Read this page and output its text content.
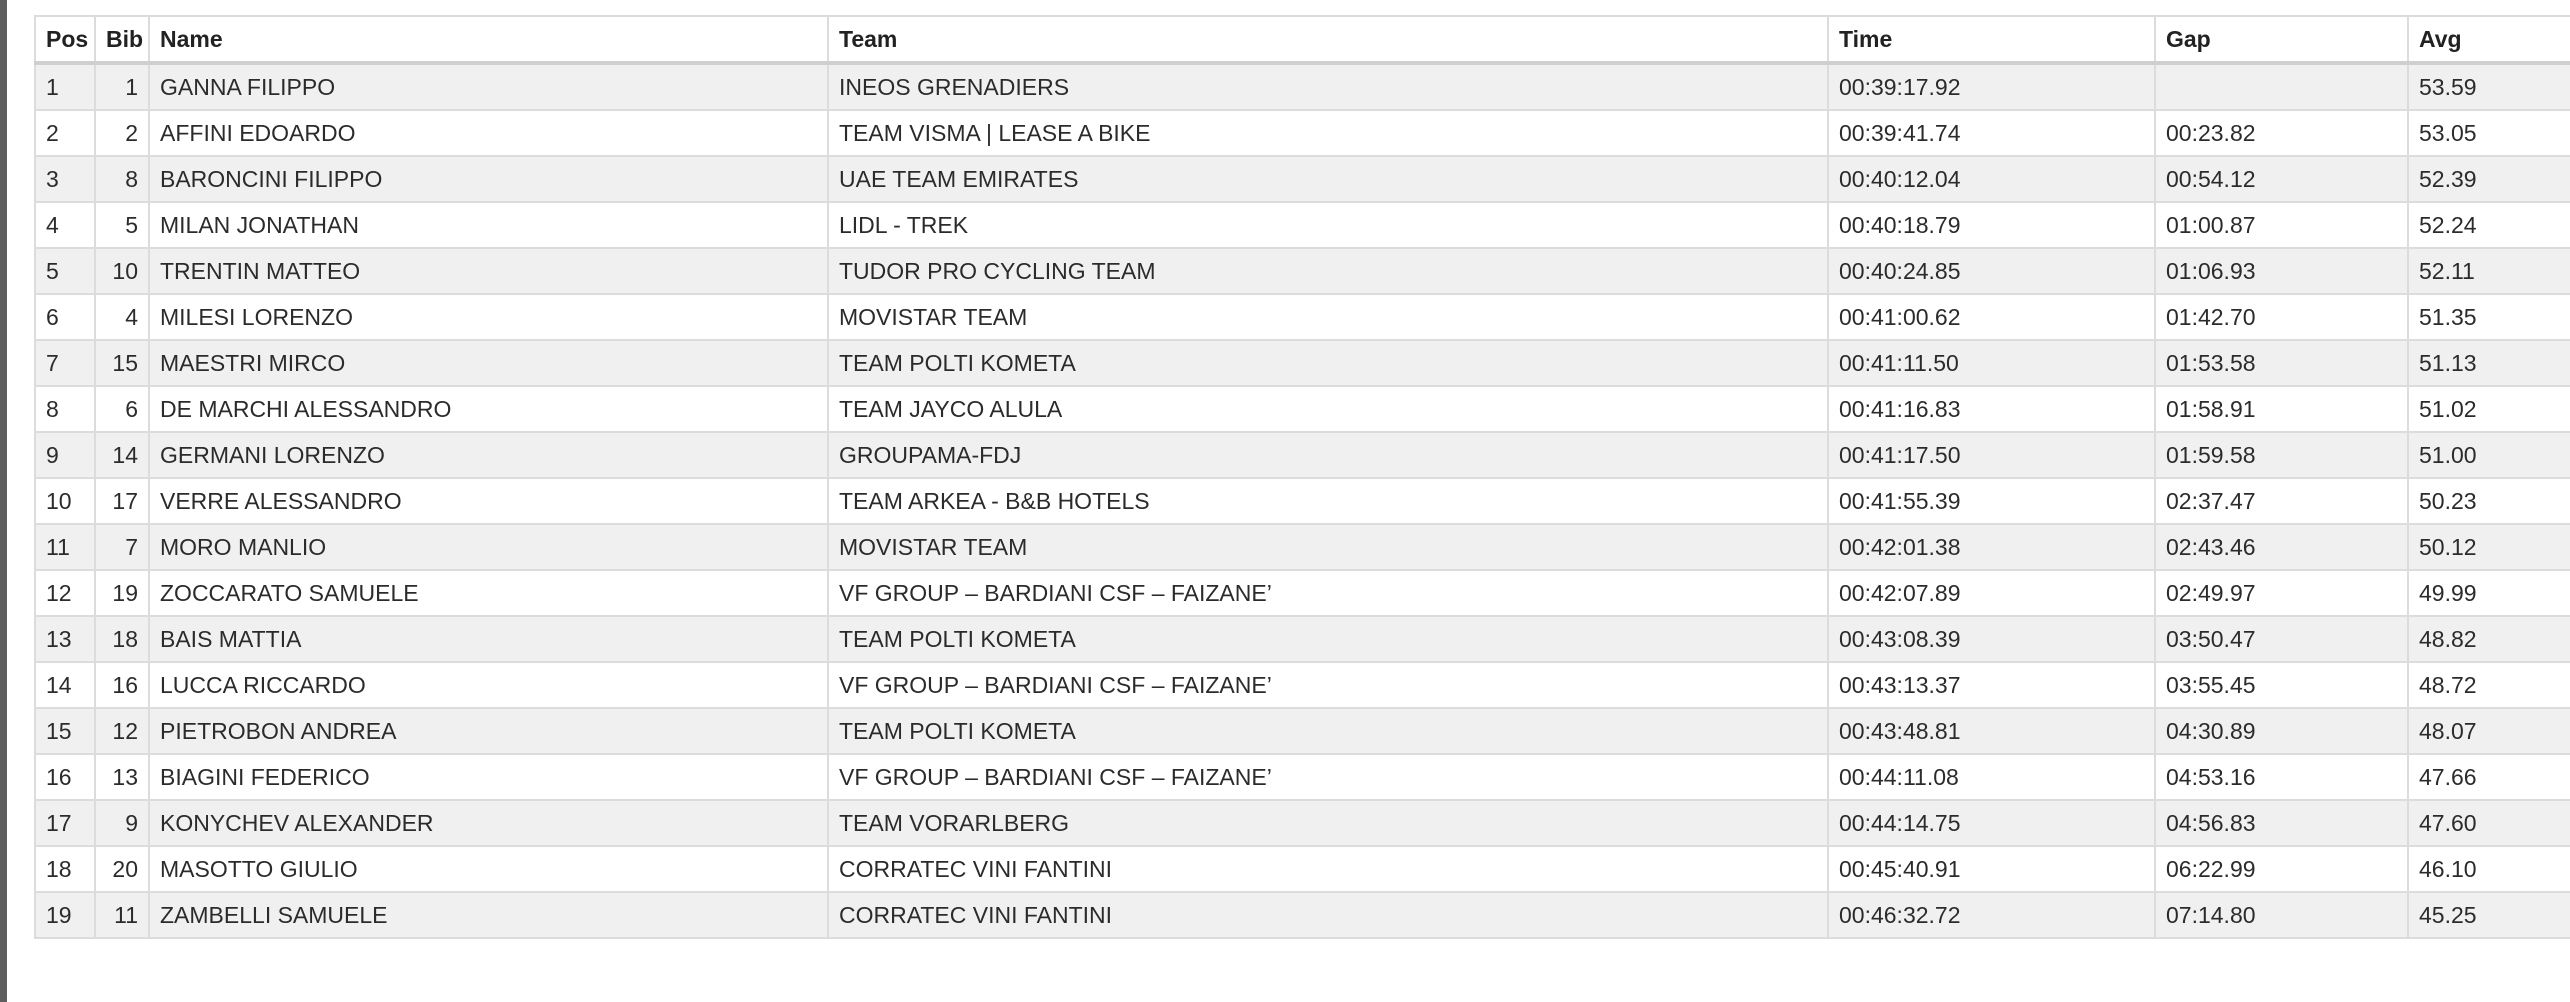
Pos	Bib	Name	Team	Time	Gap	Avg
1	1	GANNA FILIPPO	INEOS GRENADIERS	00:39:17.92		53.59
2	2	AFFINI EDOARDO	TEAM VISMA | LEASE A BIKE	00:39:41.74	00:23.82	53.05
3	8	BARONCINI FILIPPO	UAE TEAM EMIRATES	00:40:12.04	00:54.12	52.39
4	5	MILAN JONATHAN	LIDL - TREK	00:40:18.79	01:00.87	52.24
5	10	TRENTIN MATTEO	TUDOR PRO CYCLING TEAM	00:40:24.85	01:06.93	52.11
6	4	MILESI LORENZO	MOVISTAR TEAM	00:41:00.62	01:42.70	51.35
7	15	MAESTRI MIRCO	TEAM POLTI KOMETA	00:41:11.50	01:53.58	51.13
8	6	DE MARCHI ALESSANDRO	TEAM JAYCO ALULA	00:41:16.83	01:58.91	51.02
9	14	GERMANI LORENZO	GROUPAMA-FDJ	00:41:17.50	01:59.58	51.00
10	17	VERRE ALESSANDRO	TEAM ARKEA - B&B HOTELS	00:41:55.39	02:37.47	50.23
11	7	MORO MANLIO	MOVISTAR TEAM	00:42:01.38	02:43.46	50.12
12	19	ZOCCARATO SAMUELE	VF GROUP – BARDIANI CSF – FAIZANE’	00:42:07.89	02:49.97	49.99
13	18	BAIS MATTIA	TEAM POLTI KOMETA	00:43:08.39	03:50.47	48.82
14	16	LUCCA RICCARDO	VF GROUP – BARDIANI CSF – FAIZANE’	00:43:13.37	03:55.45	48.72
15	12	PIETROBON ANDREA	TEAM POLTI KOMETA	00:43:48.81	04:30.89	48.07
16	13	BIAGINI FEDERICO	VF GROUP – BARDIANI CSF – FAIZANE’	00:44:11.08	04:53.16	47.66
17	9	KONYCHEV ALEXANDER	TEAM VORARLBERG	00:44:14.75	04:56.83	47.60
18	20	MASOTTO GIULIO	CORRATEC VINI FANTINI	00:45:40.91	06:22.99	46.10
19	11	ZAMBELLI SAMUELE	CORRATEC VINI FANTINI	00:46:32.72	07:14.80	45.25
